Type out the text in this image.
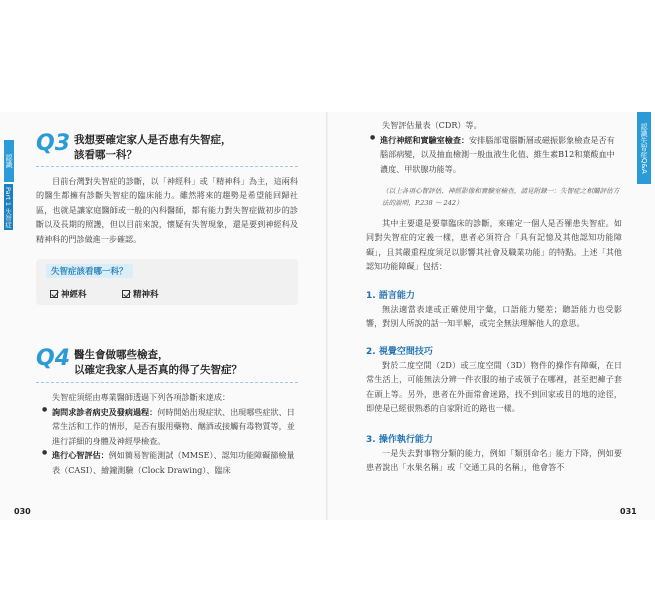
認識
Part 1 失智症
Q3 我想要確定家人是否患有失智症，
該看哪一科？
目前台灣對失智症的診斷，以「神經科」或「精神科」為主，這兩科的醫生都擁有診斷失智症的臨床能力。雖然將來的趨勢是希望能回歸社區，也就是讓家庭醫師或一般的內科醫師，都有能力對失智症做初步的診斷以及長期的照護，但以目前來說，懷疑有失智現象，還是要到神經科及精神科的門診做進一步確認。
失智症該看哪一科？
神經科	精神科
Q4 醫生會做哪些檢查，
以確定我家人是否真的得了失智症？
失智症須經由專業醫師透過下列各項診斷來達成：
● 詢問求診者病史及發病過程：何時開始出現症狀、出現哪些症狀、日常生活和工作的情形，是否有服用藥物、酗酒或接觸有毒物質等，並進行詳細的身體及神經學檢查。
● 進行心智評估：例如簡易智能測試（MMSE）、認知功能障礙篩檢量表（CASI）、繪鐘測驗（Clock Drawing）、臨床
030
認識失智症Q&A
失智評估量表（CDR）等。
● 進行神經和實驗室檢查：安排腦部電腦斷層或磁振影象檢查是否有腦部病變，以及抽血檢測一般血液生化值、維生素B12和葉酸血中濃度、甲狀腺功能等。
（以上各項心智評估、神經影像和實驗室檢查，請見附錄一：失智症之相關評估方法的說明，P.238 ～ 242）
其中主要還是要靠臨床的診斷，來確定一個人是否罹患失智症。如同對失智症的定義一樣，患者必須符合「具有記憶及其他認知功能障礙」，且其嚴重程度須足以影響其社會及職業功能」的特點。上述「其他認知功能障礙」包括：
1. 語言能力
無法適當表達或正確使用字彙，口語能力變差；聽語能力也受影響，對別人所說的話一知半解，或完全無法理解他人的意思。
2. 視覺空間技巧
對於二度空間（2D）或三度空間（3D）物件的操作有障礙，在日常生活上，可能無法分辨一件衣服的袖子或領子在哪裡，甚至把褲子套在頭上等。另外，患者在外面常會迷路，找不到回家或目的地的途徑，即使是已經很熟悉的自家附近的路也一樣。
3. 操作執行能力
一是失去對事物分類的能力，例如「類別命名」能力下降，例如要患者說出「水果名稱」或「交通工具的名稱」，他會答不
031
